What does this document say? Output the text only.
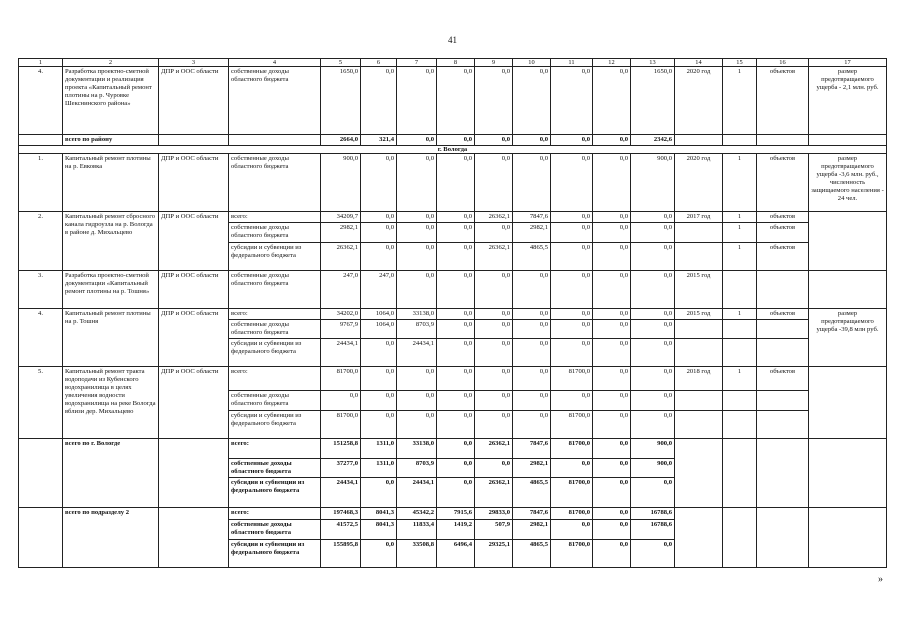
41
1	2	3	4	5	6	7	8	9	10	11	12	13	14	15	16	17
4.	Разработка проектно-сметной документации и реализация проекта «Капитальный ремонт плотины на р. Чуровке Шекснинского района»	ДПР и ООС области	собственные доходы областного бюджета	1650,0	0,0	0,0	0,0	0,0	0,0	0,0	0,0	1650,0	2020 год	1	объектов	размер предотвращаемого ущерба - 2,1 млн. руб.
	всего по району			2664,0	321,4	0,0	0,0	0,0	0,0	0,0	0,0	2342,6				
г. Вологда																
1.	Капитальный ремонт плотины на р. Евковка	ДПР и ООС области	собственные доходы областного бюджета	900,0	0,0	0,0	0,0	0,0	0,0	0,0	0,0	900,0	2020 год	1	объектов	размер предотвращаемого ущерба -3,6 млн. руб., численность защищаемого населения - 24 чел.
2.	Капитальный ремонт сбросного канала гидроузла на р. Вологда в районе д. Михальцево	ДПР и ООС области	всего:	34209,7	0,0	0,0	0,0	26362,1	7847,6	0,0	0,0	0,0	2017 год	1	объектов	
			собственные доходы областного бюджета	2982,1	0,0	0,0	0,0	0,0	2982,1	0,0	0,0	0,0		1	объектов	
			субсидии и субвенции из федерального бюджета	26362,1	0,0	0,0	0,0	26362,1	4865,5	0,0	0,0	0,0		1	объектов	
3.	Разработка проектно-сметной документации «Капитальный ремонт плотины на р. Тошня»	ДПР и ООС области	собственные доходы областного бюджета	247,0	247,0	0,0	0,0	0,0	0,0	0,0	0,0	0,0	2015 год			
4.	Капитальный ремонт плотины на р. Тошня	ДПР и ООС области	всего:	34202,0	1064,0	33138,0	0,0	0,0	0,0	0,0	0,0	0,0	2015 год	1	объектов	размер предотвращаемого ущерба -39,8 млн руб.
			собственные доходы областного бюджета	9767,9	1064,0	8703,9	0,0	0,0	0,0	0,0	0,0	0,0				
			субсидии и субвенции из федерального бюджета	24434,1	0,0	24434,1	0,0	0,0	0,0	0,0	0,0	0,0				
5.	Капитальный ремонт тракта водоподачи из Кубенского водохранилища в целях увеличения водности водохранилища на реке Вологда вблизи дер. Михальцево	ДПР и ООС области	всего:	81700,0	0,0	0,0	0,0	0,0	0,0	81700,0	0,0	0,0	2018 год	1	объектов	
			собственные доходы областного бюджета	0,0	0,0	0,0	0,0	0,0	0,0	0,0	0,0	0,0				
			субсидии и субвенции из федерального бюджета	81700,0	0,0	0,0	0,0	0,0	0,0	81700,0	0,0	0,0				
	всего по г. Вологде		всего:	151258,8	1311,0	33138,0	0,0	26362,1	7847,6	81700,0	0,0	900,0				
			собственные доходы областного бюджета	37277,0	1311,0	8703,9	0,0	0,0	2982,1	0,0	0,0	900,0				
			субсидии и субвенции из федерального бюджета	24434,1	0,0	24434,1	0,0	26362,1	4865,5	81700,0	0,0	0,0				
	всего по подразделу 2		всего:	197468,3	8041,3	45342,2	7915,6	29833,0	7847,6	81700,0	0,0	16788,6				
			собственные доходы областного бюджета	41572,5	8041,3	11833,4	1419,2	507,9	2982,1	0,0	0,0	16788,6				
			субсидии и субвенции из федерального бюджета	155895,8	0,0	33508,8	6496,4	29325,1	4865,5	81700,0	0,0	0,0				
»
